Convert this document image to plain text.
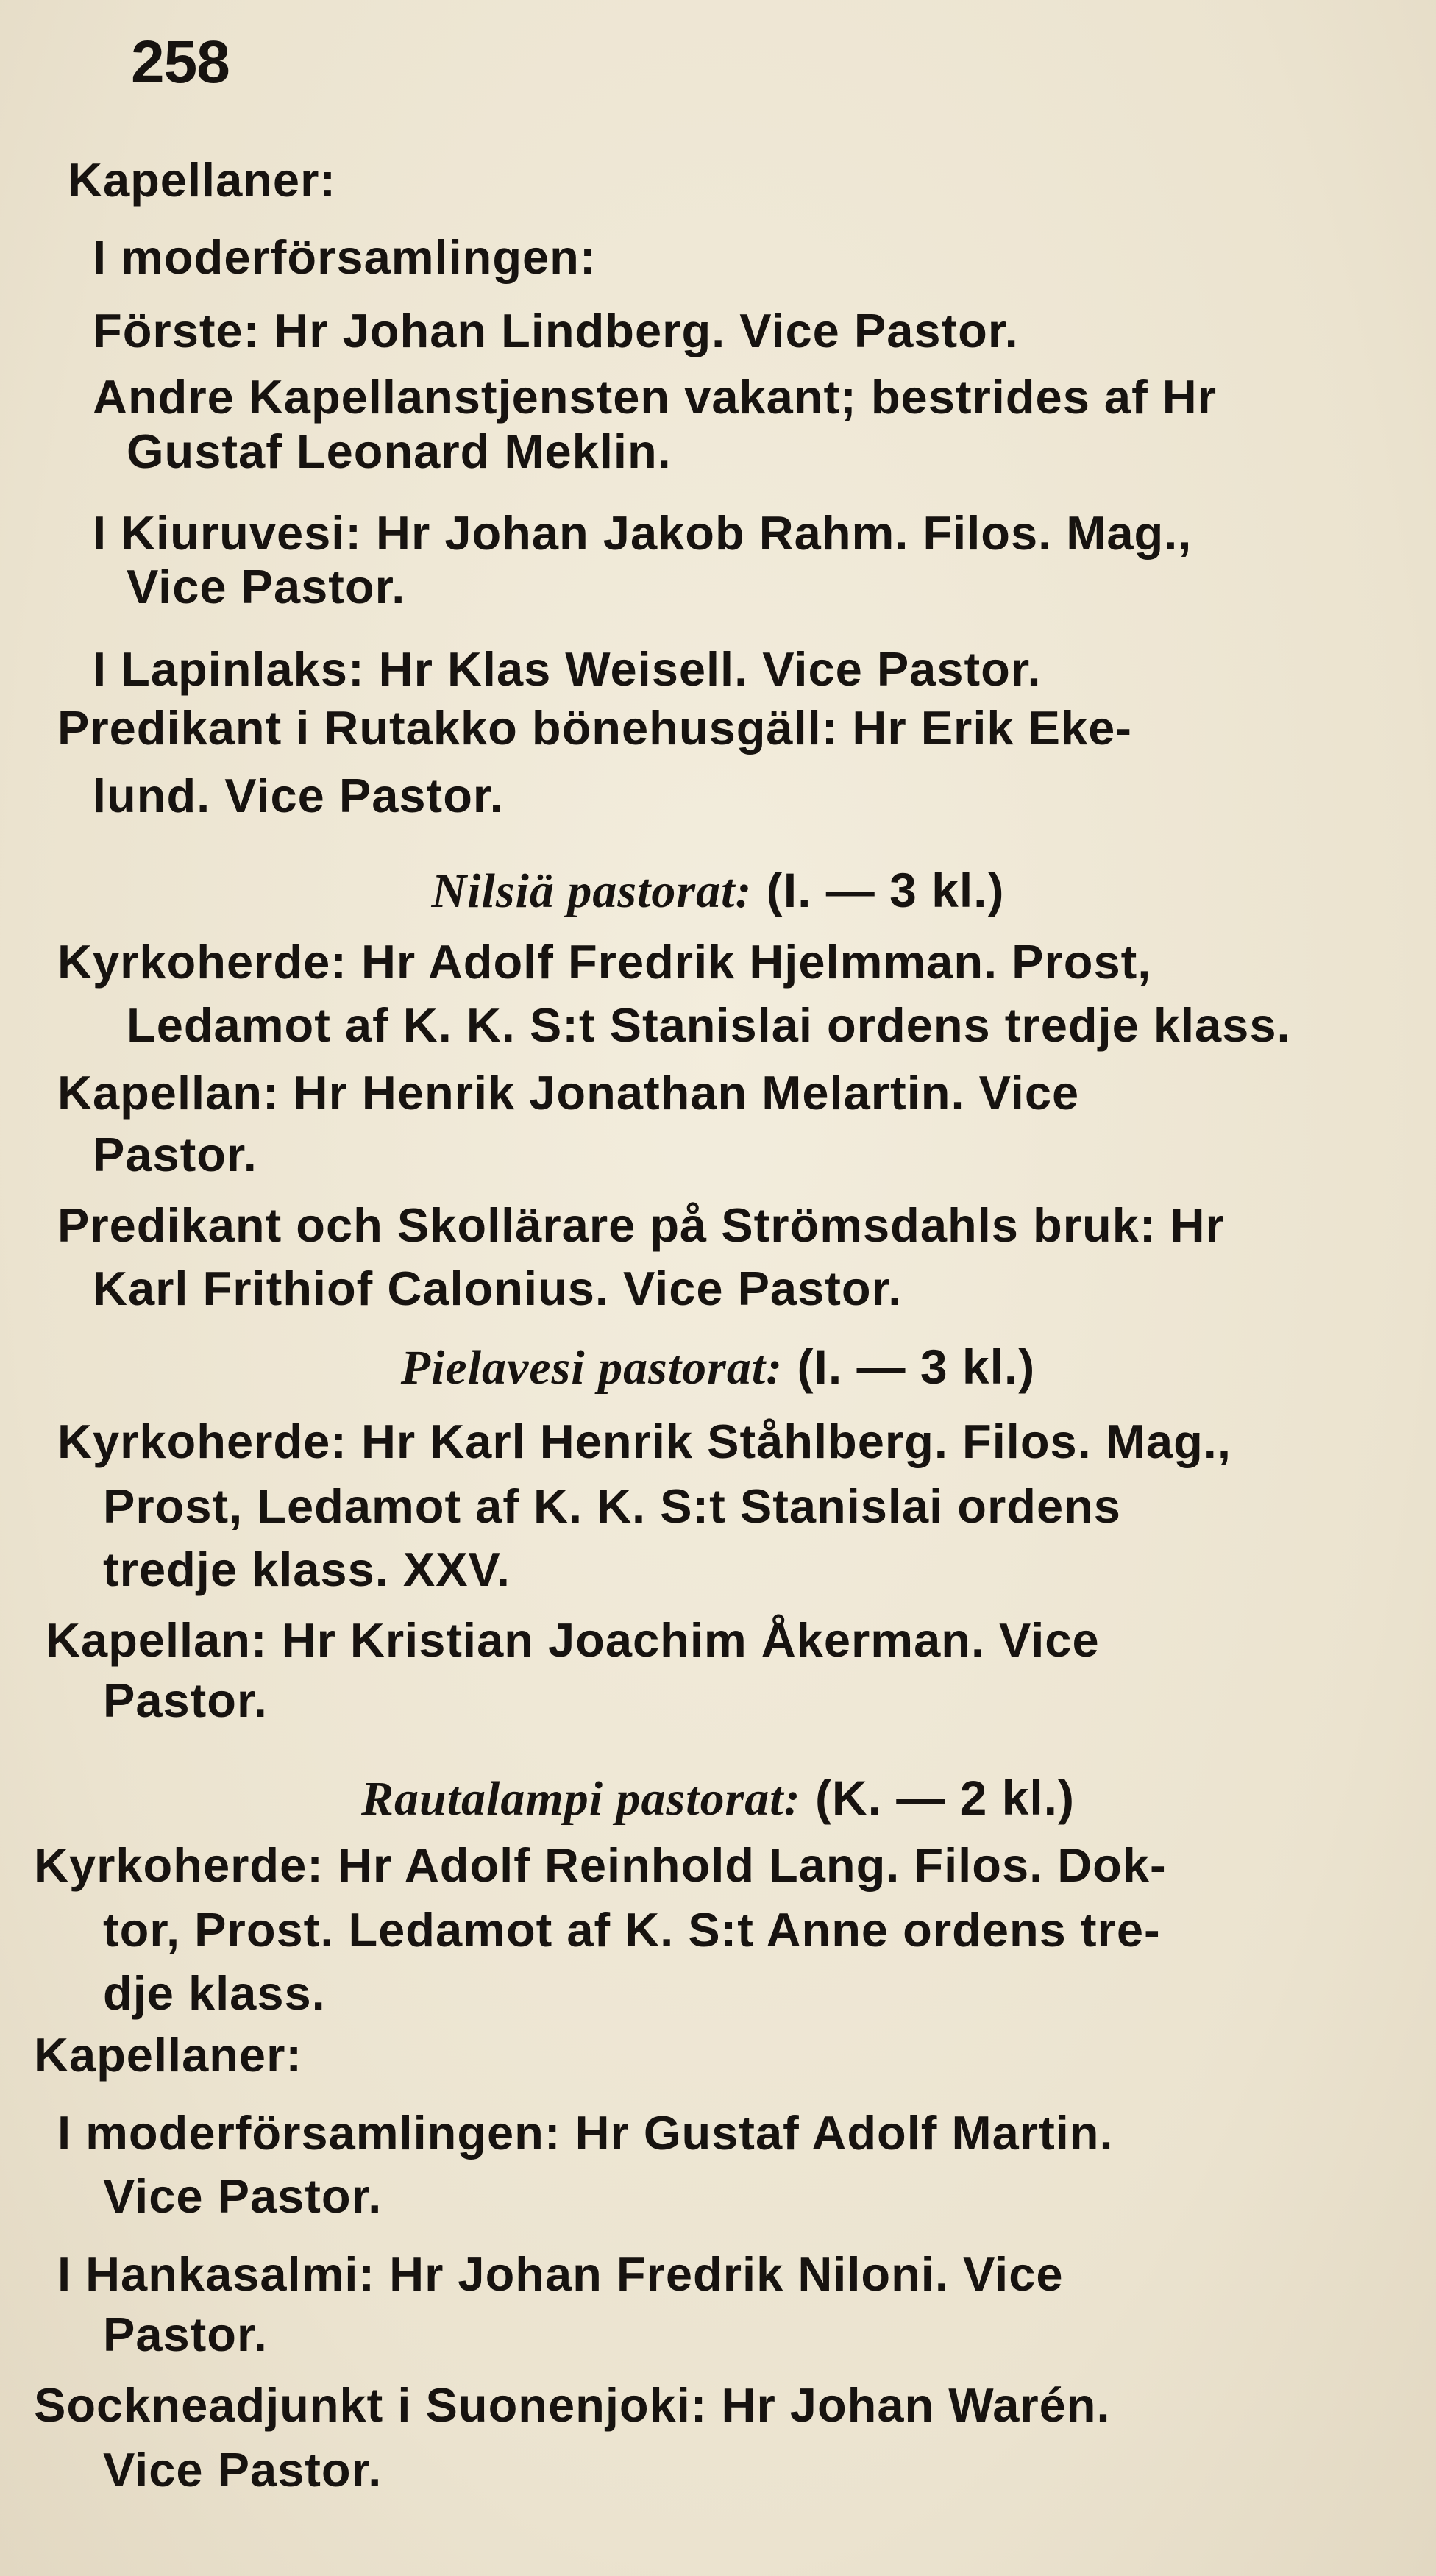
258
Kapellaner:
I moderförsamlingen:
Förste: Hr Johan Lindberg. Vice Pastor.
Andre Kapellanstjensten vakant; bestrides af Hr
Gustaf Leonard Meklin.
I Kiuruvesi: Hr Johan Jakob Rahm. Filos. Mag.,
Vice Pastor.
I Lapinlaks: Hr Klas Weisell. Vice Pastor.
Predikant i Rutakko bönehusgäll: Hr Erik Eke-
lund. Vice Pastor.
Nilsiä pastorat: (I. — 3 kl.)
Kyrkoherde: Hr Adolf Fredrik Hjelmman. Prost,
Ledamot af K. K. S:t Stanislai ordens tredje klass.
Kapellan: Hr Henrik Jonathan Melartin. Vice
Pastor.
Predikant och Skollärare på Strömsdahls bruk: Hr
Karl Frithiof Calonius. Vice Pastor.
Pielavesi pastorat: (I. — 3 kl.)
Kyrkoherde: Hr Karl Henrik Ståhlberg. Filos. Mag.,
Prost, Ledamot af K. K. S:t Stanislai ordens
tredje klass. XXV.
Kapellan: Hr Kristian Joachim Åkerman. Vice
Pastor.
Rautalampi pastorat: (K. — 2 kl.)
Kyrkoherde: Hr Adolf Reinhold Lang. Filos. Dok-
tor, Prost. Ledamot af K. S:t Anne ordens tre-
dje klass.
Kapellaner:
I moderförsamlingen: Hr Gustaf Adolf Martin.
Vice Pastor.
I Hankasalmi: Hr Johan Fredrik Niloni. Vice
Pastor.
Sockneadjunkt i Suonenjoki: Hr Johan Warén.
Vice Pastor.
